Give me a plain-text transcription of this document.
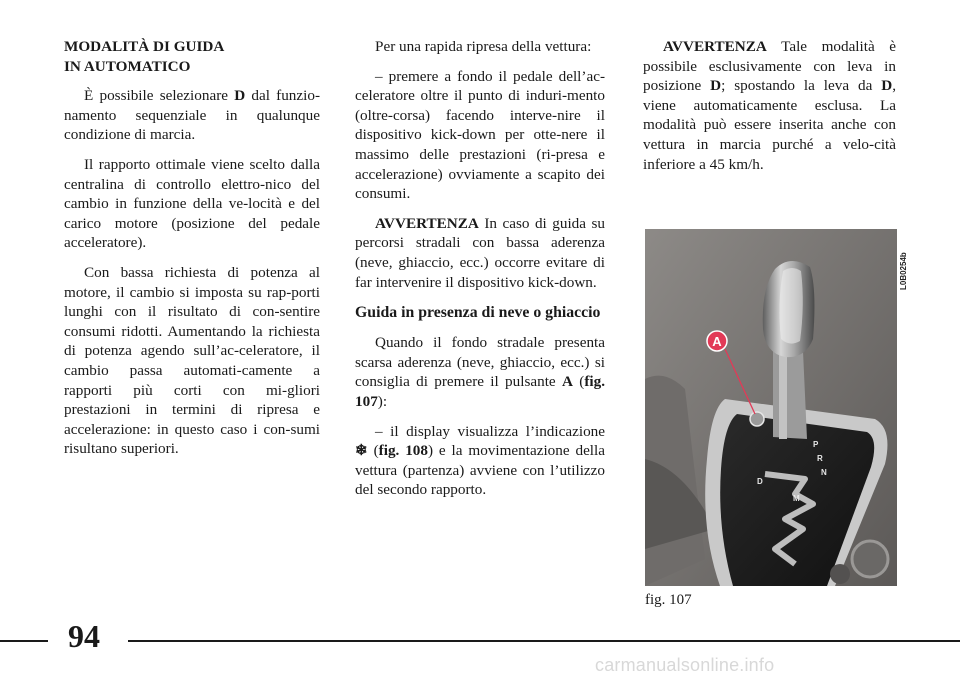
MODALITÀ DI GUIDA
IN AUTOMATICO

È possibile selezionare D dal funzio-namento sequenziale in qualunque condizione di marcia.

Il rapporto ottimale viene scelto dalla centralina di controllo elettro-nico del cambio in funzione della ve-locità e del carico motore (posizione del pedale acceleratore).

Con bassa richiesta di potenza al motore, il cambio si imposta su rap-porti lunghi con il risultato di con-sentire consumi ridotti. Aumentando la richiesta di potenza agendo sull’ac-celeratore, il cambio passa automati-camente a rapporti più corti con mi-gliori prestazioni in termini di ripresa e accelerazione: in questo caso i con-sumi risultano superiori.

Per una rapida ripresa della vettura:

– premere a fondo il pedale dell’ac-celeratore oltre il punto di induri-mento (oltre-corsa) facendo interve-nire il dispositivo kick-down per otte-nere il massimo delle prestazioni (ri-presa e accelerazione) ovviamente a scapito dei consumi.

AVVERTENZA In caso di guida su percorsi stradali con bassa aderenza (neve, ghiaccio, ecc.) occorre evitare di far intervenire il dispositivo kick-down.

Guida in presenza di neve o ghiaccio

Quando il fondo stradale presenta scarsa aderenza (neve, ghiaccio, ecc.) si consiglia di premere il pulsante A (fig. 107):

– il display visualizza l’indicazione ❄ (fig. 108) e la movimentazione della vettura (partenza) avviene con l’utilizzo del secondo rapporto.

AVVERTENZA Tale modalità è possibile esclusivamente con leva in posizione D; spostando la leva da D, viene automaticamente esclusa. La modalità può essere inserita anche con vettura in marcia purché a velo-cità inferiore a 45 km/h.

L0B0254b
P
R
N
D
M
A
fig. 107
94
carmanualsonline.info
